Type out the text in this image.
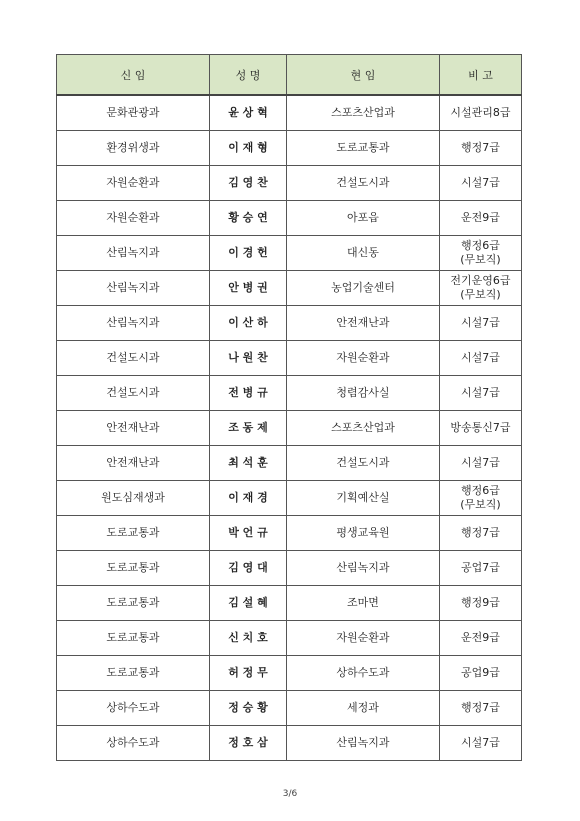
신 임	성 명	현 임	비 고
문화관광과	윤 상 혁	스포츠산업과	시설관리8급
환경위생과	이 재 형	도로교통과	행정7급
자원순환과	김 영 찬	건설도시과	시설7급
자원순환과	황 승 연	아포읍	운전9급
산림녹지과	이 경 헌	대신동	행정6급
(무보직)
산림녹지과	안 병 권	농업기술센터	전기운영6급
(무보직)
산림녹지과	이 산 하	안전재난과	시설7급
건설도시과	나 원 찬	자원순환과	시설7급
건설도시과	전 병 규	청렴감사실	시설7급
안전재난과	조 동 제	스포츠산업과	방송통신7급
안전재난과	최 석 훈	건설도시과	시설7급
원도심재생과	이 재 경	기획예산실	행정6급
(무보직)
도로교통과	박 언 규	평생교육원	행정7급
도로교통과	김 영 대	산림녹지과	공업7급
도로교통과	김 설 혜	조마면	행정9급
도로교통과	신 치 호	자원순환과	운전9급
도로교통과	허 정 무	상하수도과	공업9급
상하수도과	정 승 황	세정과	행정7급
상하수도과	정 호 삼	산림녹지과	시설7급
3/6
